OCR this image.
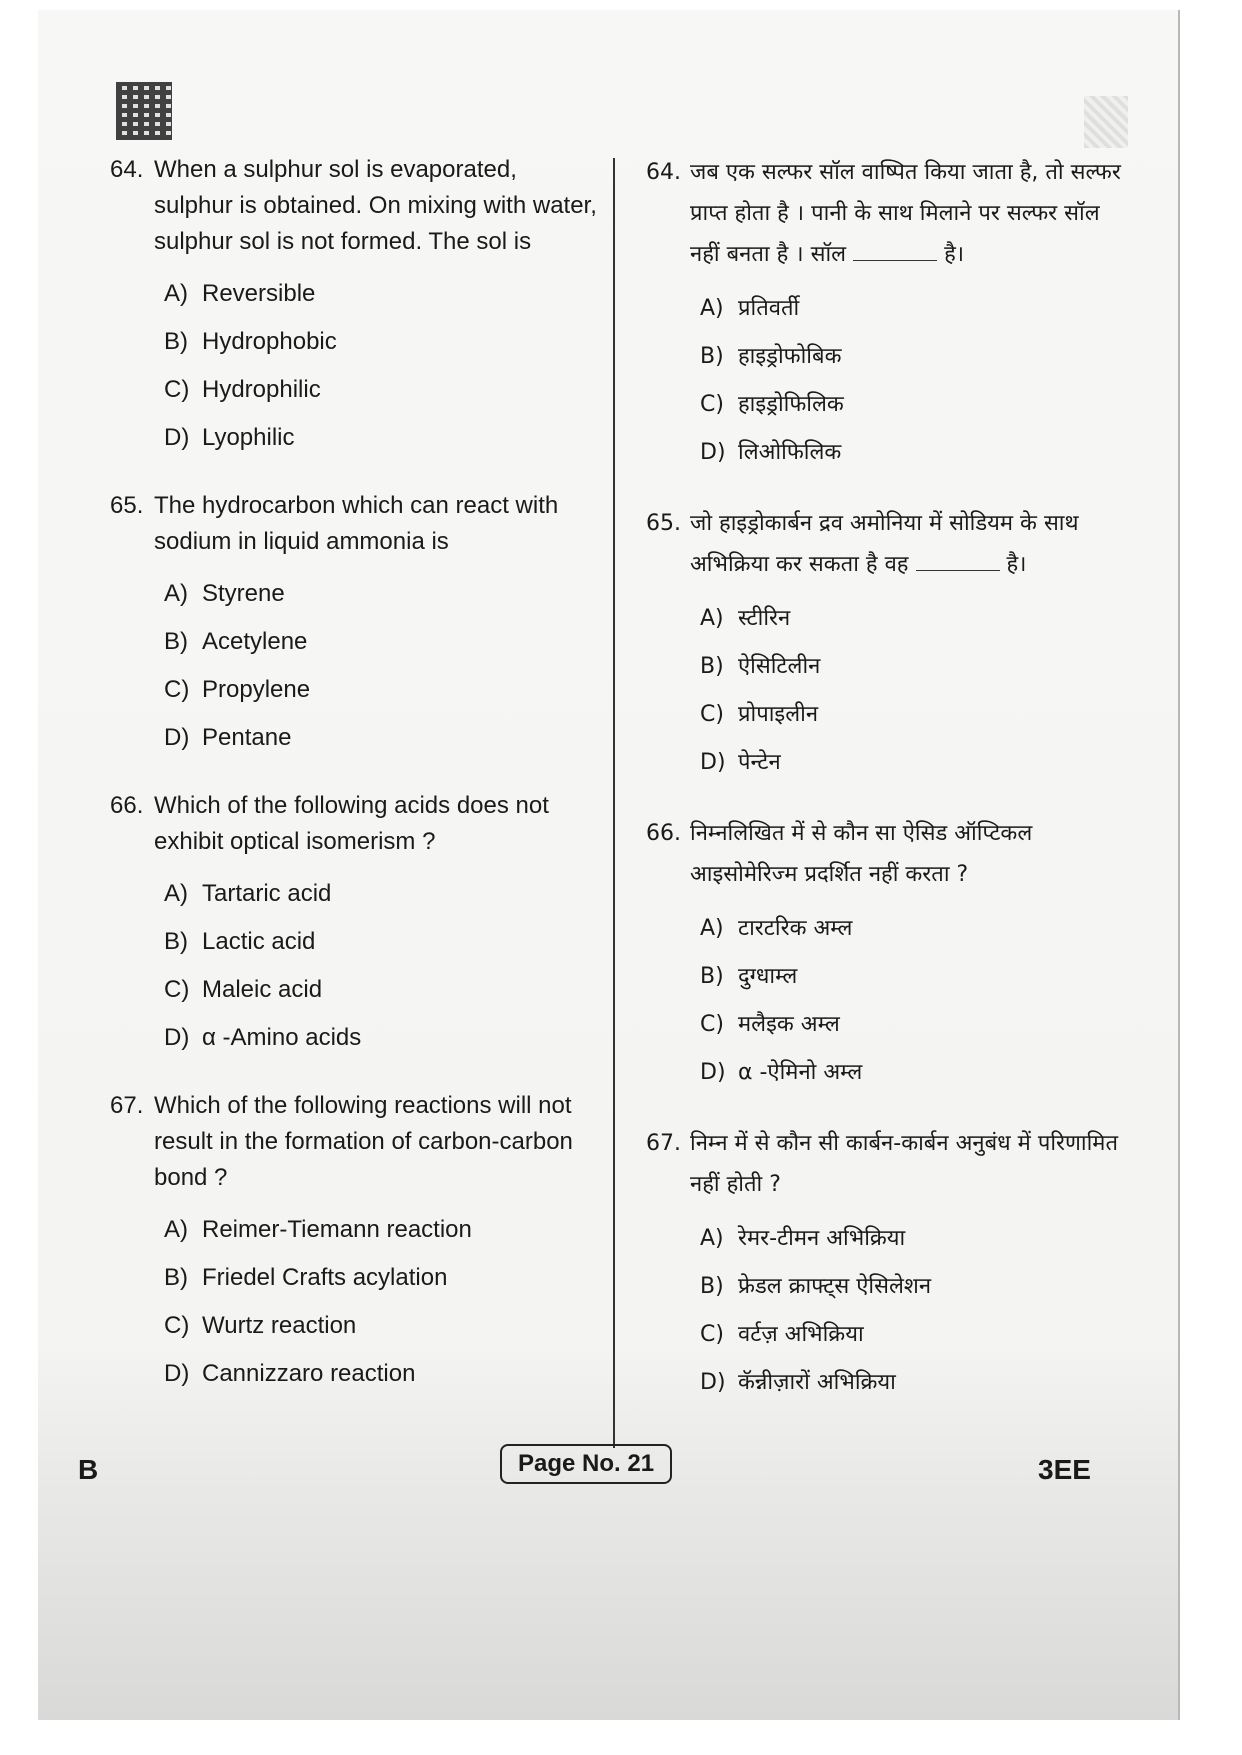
64. When a sulphur sol is evaporated, sulphur is obtained. On mixing with water, sulphur sol is not formed. The sol is
A) Reversible
B) Hydrophobic
C) Hydrophilic
D) Lyophilic
65. The hydrocarbon which can react with sodium in liquid ammonia is
A) Styrene
B) Acetylene
C) Propylene
D) Pentane
66. Which of the following acids does not exhibit optical isomerism ?
A) Tartaric acid
B) Lactic acid
C) Maleic acid
D) α -Amino acids
67. Which of the following reactions will not result in the formation of carbon-carbon bond ?
A) Reimer-Tiemann reaction
B) Friedel Crafts acylation
C) Wurtz reaction
D) Cannizzaro reaction
64. जब एक सल्फर सॉल वाष्पित किया जाता है, तो सल्फर प्राप्त होता है । पानी के साथ मिलाने पर सल्फर सॉल नहीं बनता है । सॉल	है।
A) प्रतिवर्ती
B) हाइड्रोफोबिक
C) हाइड्रोफिलिक
D) लिओफिलिक
65. जो हाइड्रोकार्बन द्रव अमोनिया में सोडियम के साथ अभिक्रिया कर सकता है वह	है।
A) स्टीरिन
B) ऐसिटिलीन
C) प्रोपाइलीन
D) पेन्टेन
66. निम्नलिखित में से कौन सा ऐसिड ऑप्टिकल आइसोमेरिज्म प्रदर्शित नहीं करता ?
A) टारटरिक अम्ल
B) दुग्धाम्ल
C) मलैइक अम्ल
D) α -ऐमिनो अम्ल
67. निम्न में से कौन सी कार्बन-कार्बन अनुबंध में परिणामित नहीं होती ?
A) रेमर-टीमन अभिक्रिया
B) फ्रेडल क्राफ्ट्स ऐसिलेशन
C) वर्टज़ अभिक्रिया
D) कॅन्नीज़ारों अभिक्रिया
B	Page No. 21	3EE
